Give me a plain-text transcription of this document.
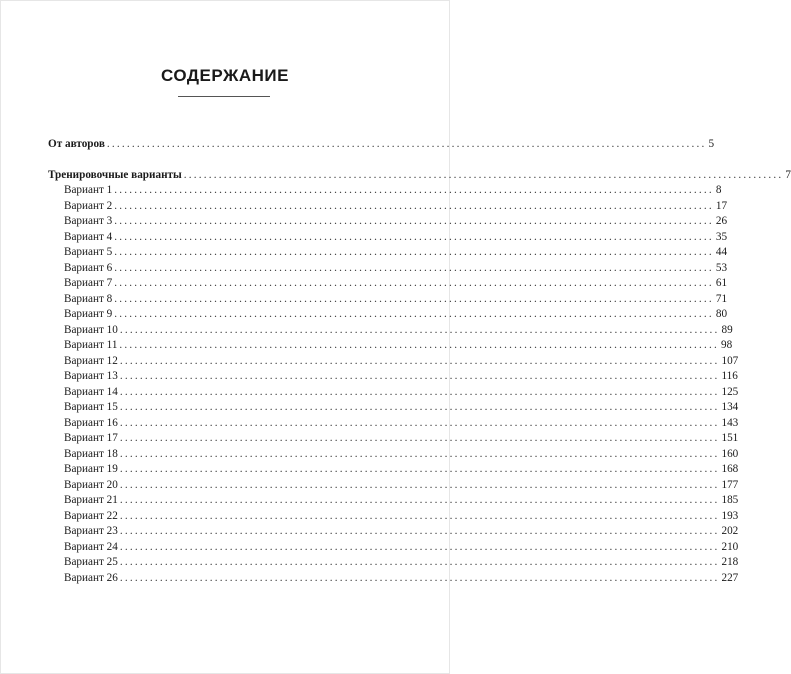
СОДЕРЖАНИЕ
От авторов ........................................................................................................................ 5
Тренировочные варианты ........................................................................................................................ 7
Вариант 1 ........................................................................................................................ 8
Вариант 2 ........................................................................................................................ 17
Вариант 3 ........................................................................................................................ 26
Вариант 4 ........................................................................................................................ 35
Вариант 5 ........................................................................................................................ 44
Вариант 6 ........................................................................................................................ 53
Вариант 7 ........................................................................................................................ 61
Вариант 8 ........................................................................................................................ 71
Вариант 9 ........................................................................................................................ 80
Вариант 10 ........................................................................................................................ 89
Вариант 11 ........................................................................................................................ 98
Вариант 12 ........................................................................................................................ 107
Вариант 13 ........................................................................................................................ 116
Вариант 14 ........................................................................................................................ 125
Вариант 15 ........................................................................................................................ 134
Вариант 16 ........................................................................................................................ 143
Вариант 17 ........................................................................................................................ 151
Вариант 18 ........................................................................................................................ 160
Вариант 19 ........................................................................................................................ 168
Вариант 20 ........................................................................................................................ 177
Вариант 21 ........................................................................................................................ 185
Вариант 22 ........................................................................................................................ 193
Вариант 23 ........................................................................................................................ 202
Вариант 24 ........................................................................................................................ 210
Вариант 25 ........................................................................................................................ 218
Вариант 26 ........................................................................................................................ 227
